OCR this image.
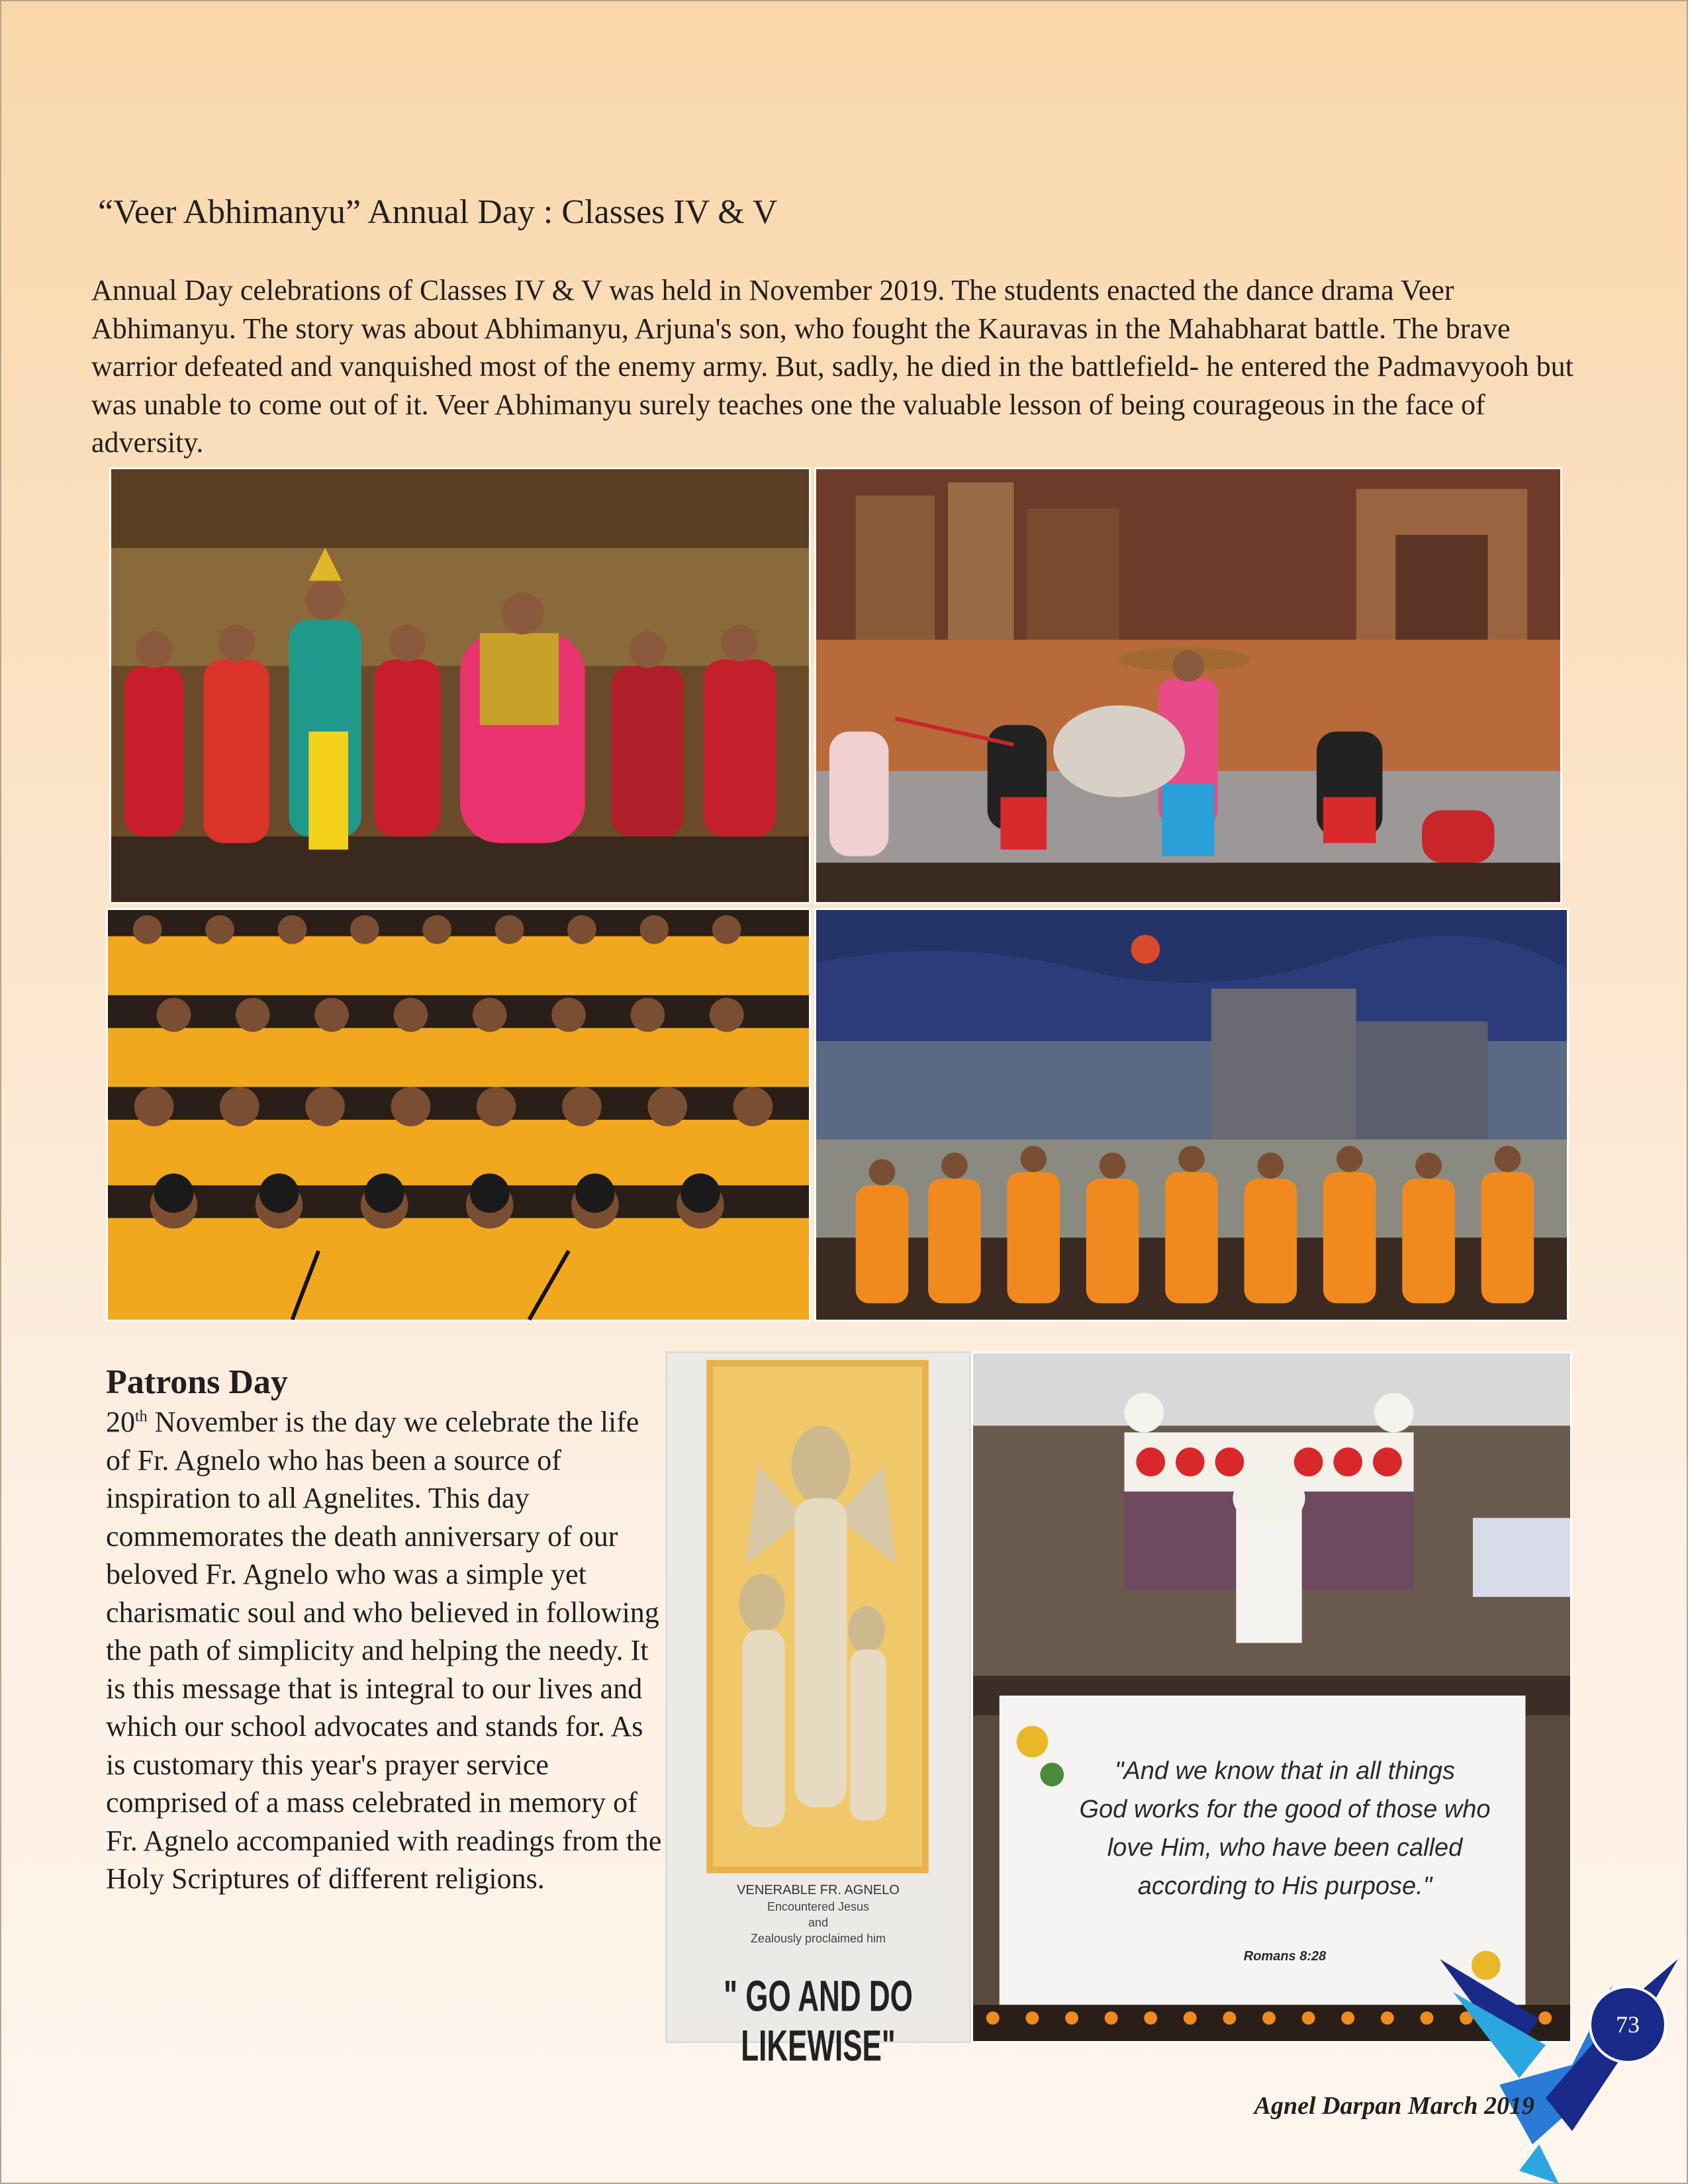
“Veer Abhimanyu” Annual Day : Classes IV & V

Annual Day celebrations of Classes IV & V was held in November 2019. The students enacted the dance drama Veer Abhimanyu. The story was about Abhimanyu, Arjuna's son, who fought the Kauravas in the Mahabharat battle. The brave warrior defeated and vanquished most of the enemy army. But, sadly, he died in the battlefield- he entered the Padmavyooh but was unable to come out of it. Veer Abhimanyu surely teaches one the valuable lesson of being courageous in the face of adversity.

Patrons Day

20th November is the day we celebrate the life of Fr. Agnelo who has been a source of inspiration to all Agnelites. This day commemorates the death anniversary of our beloved Fr. Agnelo who was a simple yet charismatic soul and who believed in following the path of simplicity and helping the needy. It is this message that is integral to our lives and which our school advocates and stands for. As is customary this year's prayer service comprised of a mass celebrated in memory of Fr. Agnelo accompanied with readings from the Holy Scriptures of different religions.	VENERABLE FR. AGNELO
Encountered Jesus
and
Zealously proclaimed him
" GO AND DO LIKEWISE"
"And we know that in all things
God works for the good of those who
love Him, who have been called
according to His purpose."
Romans 8:28
73

Agnel Darpan March 2019
